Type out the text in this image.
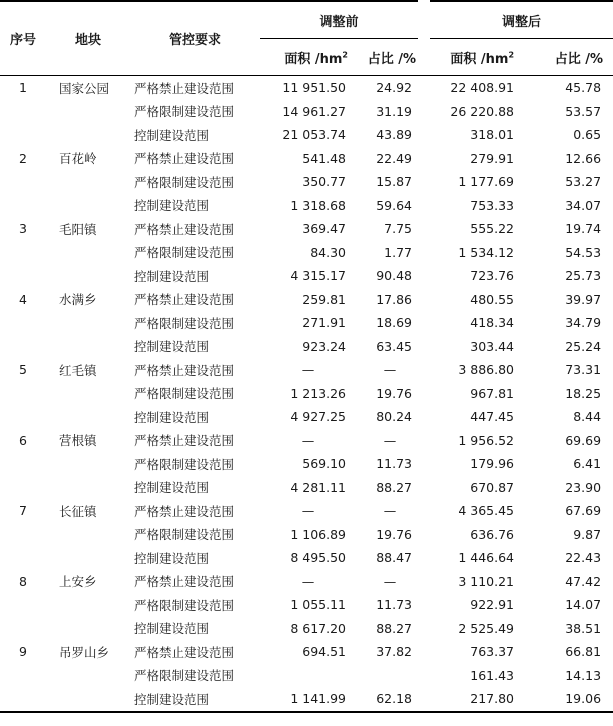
序号	地块	管控要求	调整前		调整后	
			面积 $/hm^2$	占比 /%	面积 $/hm^2$	占比 /%
1	国家公园	严格禁止建设范围	11 951.50	24.92	22 408.91	45.78
		严格限制建设范围	14 961.27	31.19	26 220.88	53.57
		控制建设范围	21 053.74	43.89	318.01	0.65
2	百花岭	严格禁止建设范围	541.48	22.49	279.91	12.66
		严格限制建设范围	350.77	15.87	1 177.69	53.27
		控制建设范围	1 318.68	59.64	753.33	34.07
3	毛阳镇	严格禁止建设范围	369.47	7.75	555.22	19.74
		严格限制建设范围	84.30	1.77	1 534.12	54.53
		控制建设范围	4 315.17	90.48	723.76	25.73
4	水满乡	严格禁止建设范围	259.81	17.86	480.55	39.97
		严格限制建设范围	271.91	18.69	418.34	34.79
		控制建设范围	923.24	63.45	303.44	25.24
5	红毛镇	严格禁止建设范围	—	—	3 886.80	73.31
		严格限制建设范围	1 213.26	19.76	967.81	18.25
		控制建设范围	4 927.25	80.24	447.45	8.44
6	营根镇	严格禁止建设范围	—	—	1 956.52	69.69
		严格限制建设范围	569.10	11.73	179.96	6.41
		控制建设范围	4 281.11	88.27	670.87	23.90
7	长征镇	严格禁止建设范围	—	—	4 365.45	67.69
		严格限制建设范围	1 106.89	19.76	636.76	9.87
		控制建设范围	8 495.50	88.47	1 446.64	22.43
8	上安乡	严格禁止建设范围	—	—	3 110.21	47.42
		严格限制建设范围	1 055.11	11.73	922.91	14.07
		控制建设范围	8 617.20	88.27	2 525.49	38.51
9	吊罗山乡	严格禁止建设范围	694.51	37.82	763.37	66.81
		严格限制建设范围			161.43	14.13
		控制建设范围	1 141.99	62.18	217.80	19.06
